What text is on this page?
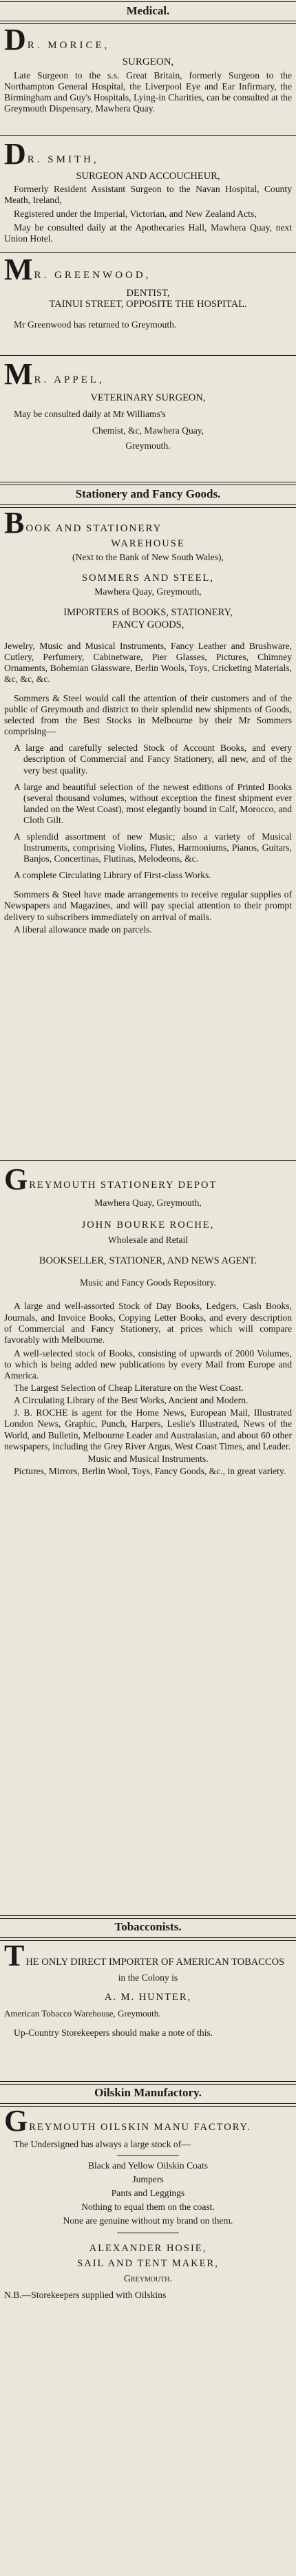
Medical.
D R. MORICE,

SURGEON,

Late Surgeon to the s.s. Great Britain, formerly Surgeon to the Northampton General Hospital, the Liverpool Eye and Ear Infirmary, the Birmingham and Guy's Hospitals, Lying-in Charities, can be consulted at the Greymouth Dispensary, Mawhera Quay.

D R. SMITH,

SURGEON AND ACCOUCHEUR,

Formerly Resident Assistant Surgeon to the Navan Hospital, County Meath, Ireland,

Registered under the Imperial, Victorian, and New Zealand Acts,

May be consulted daily at the Apothecaries Hall, Mawhera Quay, next Union Hotel.

M R. GREENWOOD,

DENTIST,

TAINUI STREET, OPPOSITE THE HOSPITAL.

Mr Greenwood has returned to Greymouth.

M R. APPEL,

VETERINARY SURGEON,

May be consulted daily at Mr Williams's

Chemist, &c, Mawhera Quay,

Greymouth.

Stationery and Fancy Goods.
B OOK AND STATIONERY

WAREHOUSE

(Next to the Bank of New South Wales),

SOMMERS AND STEEL,

Mawhera Quay, Greymouth,

IMPORTERS of BOOKS, STATIONERY,

FANCY GOODS,

Jewelry, Music and Musical Instruments, Fancy Leather and Brushware, Cutlery, Perfumery, Cabinetware, Pier Glasses, Pictures, Chimney Ornaments, Bohemian Glassware, Berlin Wools, Toys, Cricketing Materials, &c, &c, &c.

Sommers & Steel would call the attention of their customers and of the public of Greymouth and district to their splendid new shipments of Goods, selected from the Best Stocks in Melbourne by their Mr Sommers comprising—

A large and carefully selected Stock of Account Books, and every description of Commercial and Fancy Stationery, all new, and of the very best quality.

A large and beautiful selection of the newest editions of Printed Books (several thousand volumes, without exception the finest shipment ever landed on the West Coast), most elegantly bound in Calf, Morocco, and Cloth Gilt.

A splendid assortment of new Music; also a variety of Musical Instruments, comprising Violins, Flutes, Harmoniums, Pianos, Guitars, Banjos, Concertinas, Flutinas, Melodeons, &c.

A complete Circulating Library of First-class Works.

Sommers & Steel have made arrangements to receive regular supplies of Newspapers and Magazines, and will pay special attention to their prompt delivery to subscribers immediately on arrival of mails.

A liberal allowance made on parcels.

G REYMOUTH STATIONERY DEPOT

Mawhera Quay, Greymouth,

JOHN BOURKE ROCHE,

Wholesale and Retail

BOOKSELLER, STATIONER, AND NEWS AGENT.

Music and Fancy Goods Repository.

A large and well-assorted Stock of Day Books, Ledgers, Cash Books, Journals, and Invoice Books, Copying Letter Books, and every description of Commercial and Fancy Stationery, at prices which will compare favorably with Melbourne.

A well-selected stock of Books, consisting of upwards of 2000 Volumes, to which is being added new publications by every Mail from Europe and America.

The Largest Selection of Cheap Literature on the West Coast.

A Circulating Library of the Best Works, Ancient and Modern.

J. B. ROCHE is agent for the Home News, European Mail, Illustrated London News, Graphic, Punch, Harpers, Leslie's Illustrated, News of the World, and Bulletin, Melbourne Leader and Australasian, and about 60 other newspapers, including the Grey River Argus, West Coast Times, and Leader.

Music and Musical Instruments.

Pictures, Mirrors, Berlin Wool, Toys, Fancy Goods, &c., in great variety.

Tobacconists.
T HE ONLY DIRECT IMPORTER OF AMERICAN TOBACCOS

in the Colony is

A. M. HUNTER,

American Tobacco Warehouse, Greymouth.

Up-Country Storekeepers should make a note of this.

Oilskin Manufactory.
G REYMOUTH OILSKIN MANU FACTORY.

The Undersigned has always a large stock of—

Black and Yellow Oilskin Coats

Jumpers

Pants and Leggings

Nothing to equal them on the coast.

None are genuine without my brand on them.

ALEXANDER HOSIE,

SAIL AND TENT MAKER,

Greymouth.

N.B.—Storekeepers supplied with Oilskins
